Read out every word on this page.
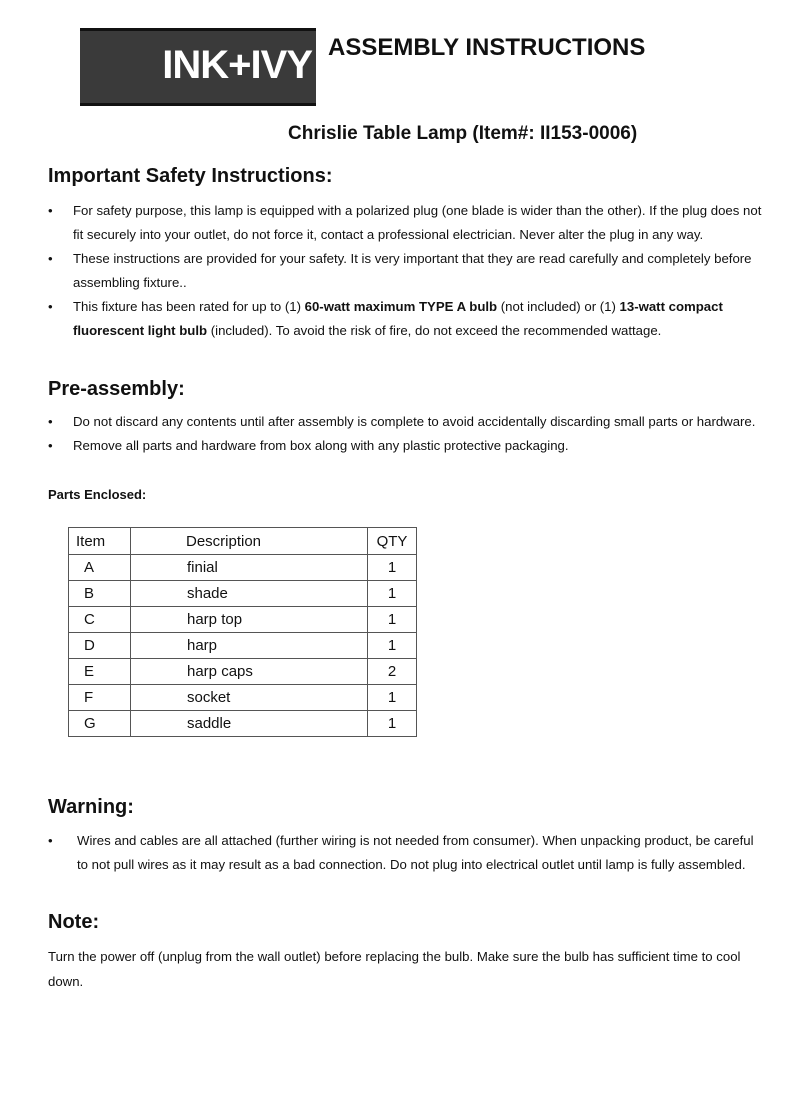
INK+IVY ASSEMBLY INSTRUCTIONS
Chrislie Table Lamp (Item#: II153-0006)
Important Safety Instructions:
•	For safety purpose, this lamp is equipped with a polarized plug (one blade is wider than the other). If the plug does not fit securely into your outlet, do not force it, contact a professional electrician. Never alter the plug in any way.
•	These instructions are provided for your safety. It is very important that they are read carefully and completely before assembling fixture..
•	This fixture has been rated for up to (1) 60-watt maximum TYPE A bulb (not included) or (1) 13-watt compact fluorescent light bulb (included). To avoid the risk of fire, do not exceed the recommended wattage.
Pre-assembly:
•	Do not discard any contents until after assembly is complete to avoid accidentally discarding small parts or hardware.
•	Remove all parts and hardware from box along with any plastic protective packaging.

Parts Enclosed:

Item	Description	QTY
A	finial	1
B	shade	1
C	harp top	1
D	harp	1
E	harp caps	2
F	socket	1
G	saddle	1
Warning:
•	Wires and cables are all attached (further wiring is not needed from consumer). When unpacking product, be careful to not pull wires as it may result as a bad connection. Do not plug into electrical outlet until lamp is fully assembled.
Note:

Turn the power off (unplug from the wall outlet) before replacing the bulb. Make sure the bulb has sufficient time to cool down.
